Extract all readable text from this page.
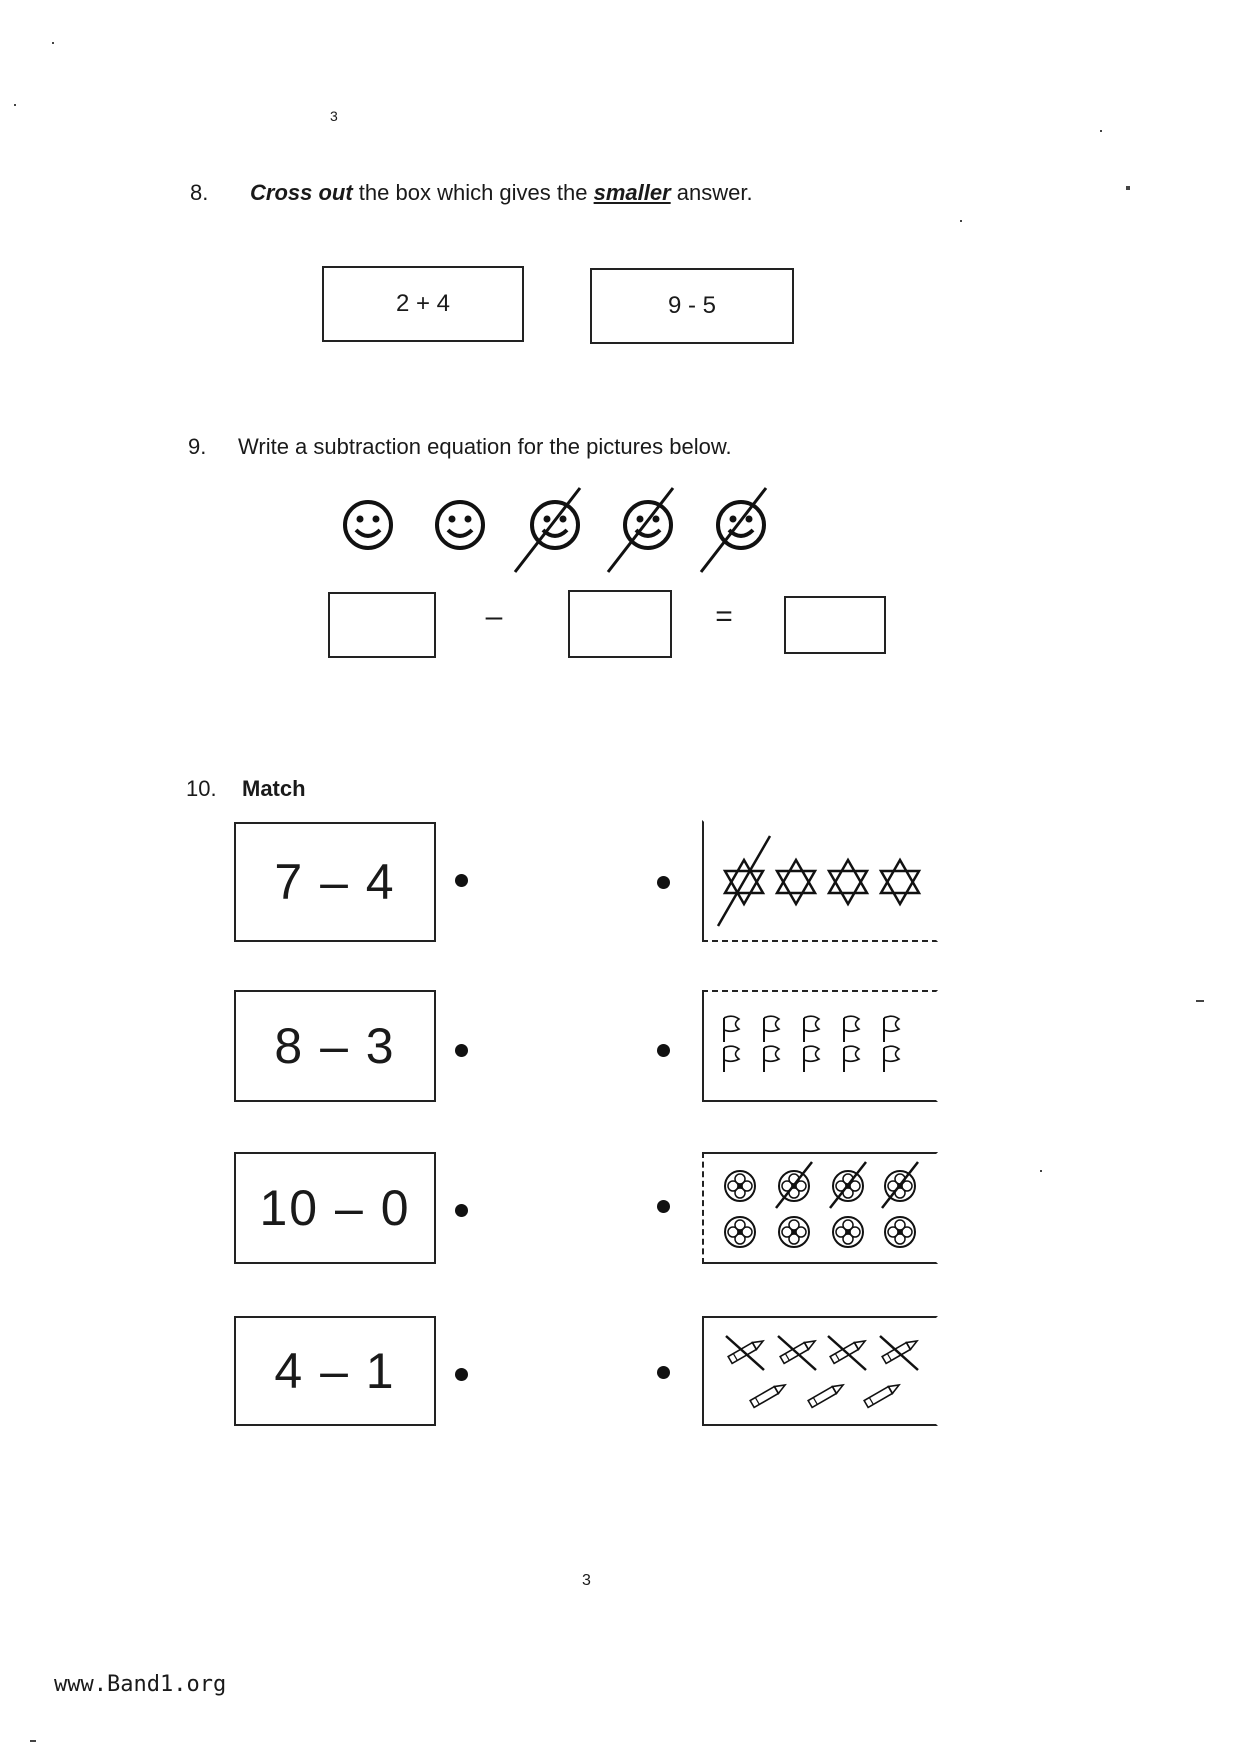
3
8. Cross out the box which gives the smaller answer.
2 + 4	9 - 5
9. Write a subtraction equation for the pictures below.
–	=
10. Match
7 – 4
8 – 3
10 – 0
4 – 1
3
www.Band1.org
